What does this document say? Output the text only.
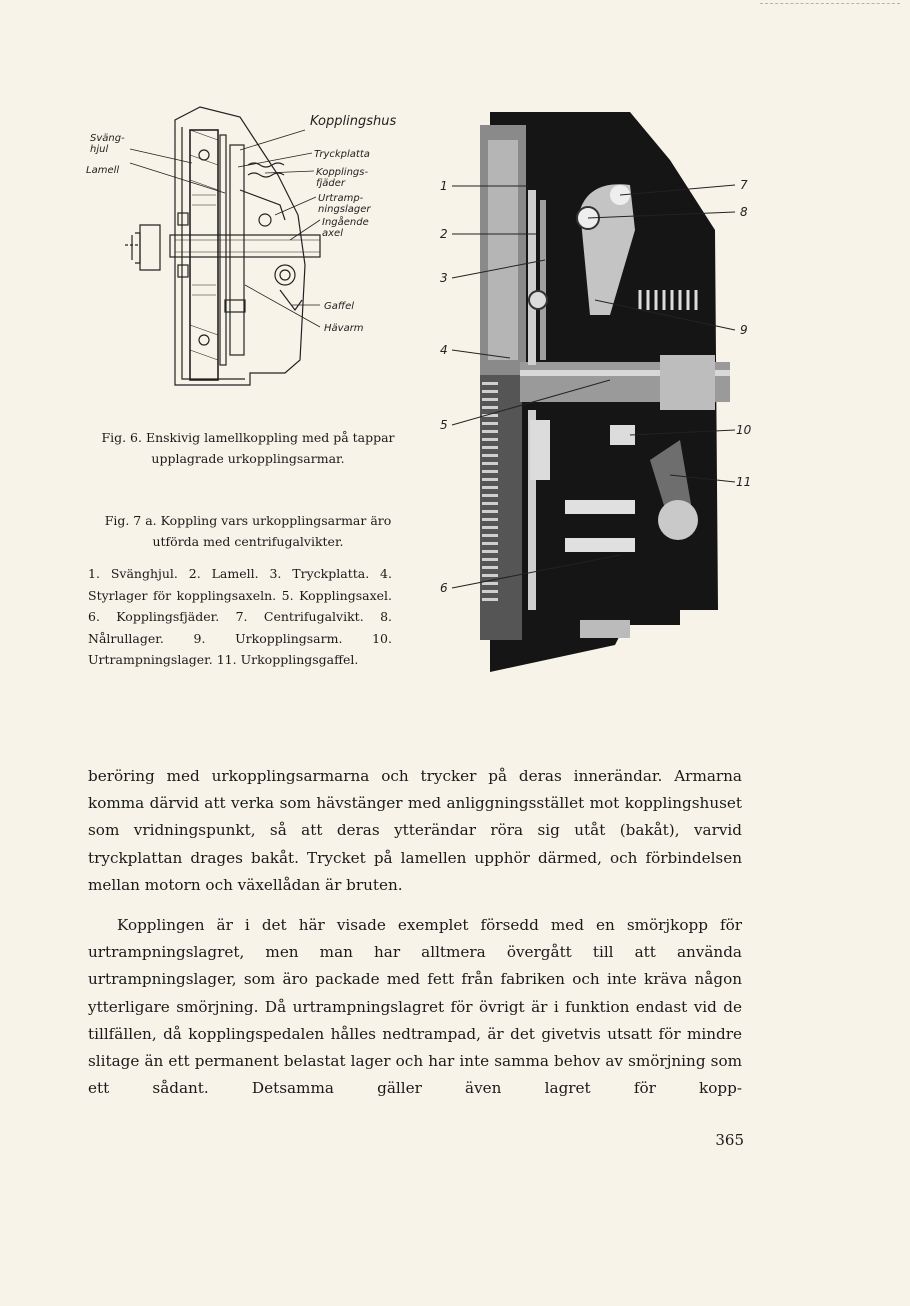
Sväng-hjul
Lamell
Kopplingshus
Tryckplatta
Kopplings-fjäder
Urtramp-ningslager
Ingående axel
Gaffel
Hävarm
Fig. 6. Enskivig lamellkoppling med på tappar upplagrade urkopplingsarmar.
Fig. 7 a. Koppling vars urkopplingsarmar äro utförda med centrifugalvikter.
1. Svänghjul. 2. Lamell. 3. Tryckplatta. 4. Styrlager för kopplingsaxeln. 5. Kopplingsaxel. 6. Kopplingsfjäder. 7. Centrifugalvikt. 8. Nålrullager. 9. Urkopplingsarm. 10. Urtrampningslager. 11. Urkopplingsgaffel.
1
2
3
4
5
6
7
8
9
10
11

beröring med urkopplingsarmarna och trycker på deras innerändar. Armarna komma därvid att verka som hävstänger med anliggningsstället mot kopplingshuset som vridningspunkt, så att deras ytterändar röra sig utåt (bakåt), varvid tryckplattan drages bakåt. Trycket på lamellen upphör därmed, och förbindelsen mellan motorn och växellådan är bruten.

Kopplingen är i det här visade exemplet försedd med en smörjkopp för urtrampningslagret, men man har alltmera övergått till att använda urtrampningslager, som äro packade med fett från fabriken och inte kräva någon ytterligare smörjning. Då urtrampningslagret för övrigt är i funktion endast vid de tillfällen, då kopplingspedalen hålles nedtrampad, är det givetvis utsatt för mindre slitage än ett permanent belastat lager och har inte samma behov av smörjning som ett sådant. Detsamma gäller även lagret för kopp-

365
